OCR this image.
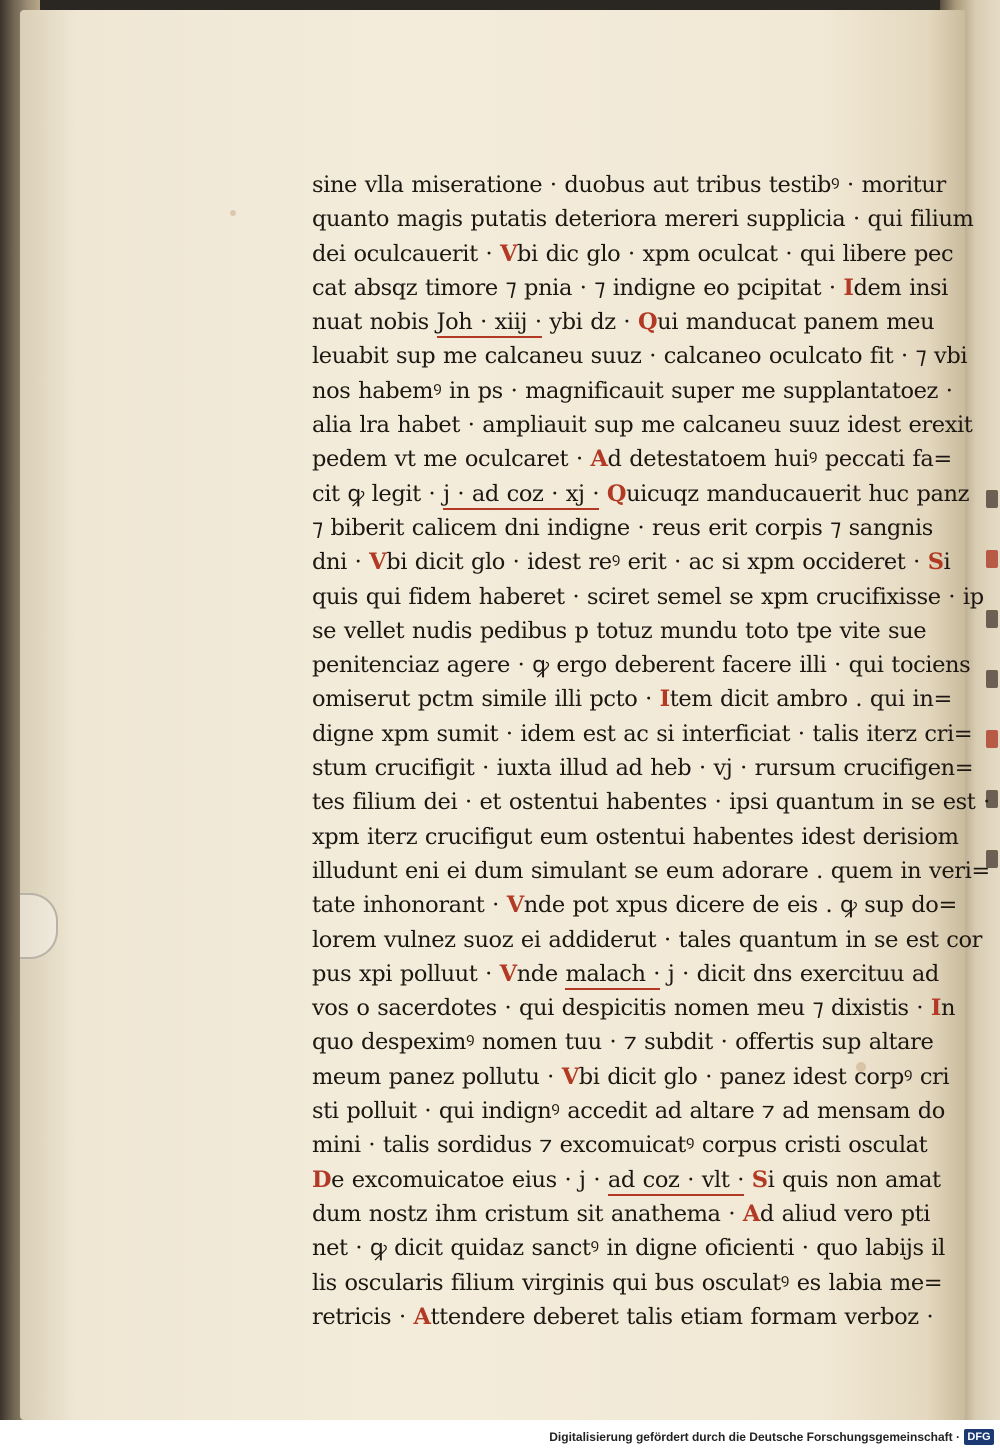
sine vlla miseratione · duobus aut tribus testibꝰ · moritur
quanto magis putatis deteriora mereri supplicia · qui filium
dei oculcauerit · Vbi dic glo · xpm oculcat · qui libere pec
cat absqz timore ⁊ pnia · ⁊ indigne eo pcipitat · Idem insi
nuat nobis Joh · xiij · ybi dz · Qui manducat panem meu
leuabit sup me calcaneu suuz · calcaneo oculcato fit · ⁊ vbi
nos habemꝰ in ps · magnificauit super me supplantatoez ·
alia lra habet · ampliauit sup me calcaneu suuz idest erexit
pedem vt me oculcaret · Ad detestatoem huiꝰ peccati fa=
cit ꝙ legit · j · ad coz · xj · Quicuqz manducauerit huc panz
⁊ biberit calicem dni indigne · reus erit corpis ⁊ sangnis
dni · Vbi dicit glo · idest reꝰ erit · ac si xpm occideret · Si
quis qui fidem haberet · sciret semel se xpm crucifixisse · ip
se vellet nudis pedibus p totuz mundu toto tpe vite sue
penitenciaz agere · ꝙ ergo deberent facere illi · qui tociens
omiserut pctm simile illi pcto · Item dicit ambro . qui in=
digne xpm sumit · idem est ac si interficiat · talis iterz cri=
stum crucifigit · iuxta illud ad heb · vj · rursum crucifigen=
tes filium dei · et ostentui habentes · ipsi quantum in se est ·
xpm iterz crucifigut eum ostentui habentes idest derisiom
illudunt eni ei dum simulant se eum adorare . quem in veri=
tate inhonorant · Vnde pot xpus dicere de eis . ꝙ sup do=
lorem vulnez suoz ei addiderut · tales quantum in se est cor
pus xpi polluut · Vnde malach · j · dicit dns exercituu ad
vos o sacerdotes · qui despicitis nomen meu ⁊ dixistis · In
quo despeximꝰ nomen tuu · ⁊ subdit · offertis sup altare
meum panez pollutu · Vbi dicit glo · panez idest corpꝰ cri
sti polluit · qui indignꝰ accedit ad altare ⁊ ad mensam do
mini · talis sordidus ⁊ excomuicatꝰ corpus cristi osculat
De excomuicatoe eius · j · ad coz · vlt · Si quis non amat
dum nostz ihm cristum sit anathema · Ad aliud vero pti
net · ꝙ dicit quidaz sanctꝰ in digne oficienti · quo labijs il
lis oscularis filium virginis qui bus osculatꝰ es labia me=
retricis · Attendere deberet talis etiam formam verboz ·
Digitalisierung gefördert durch die Deutsche Forschungsgemeinschaft · DFG
